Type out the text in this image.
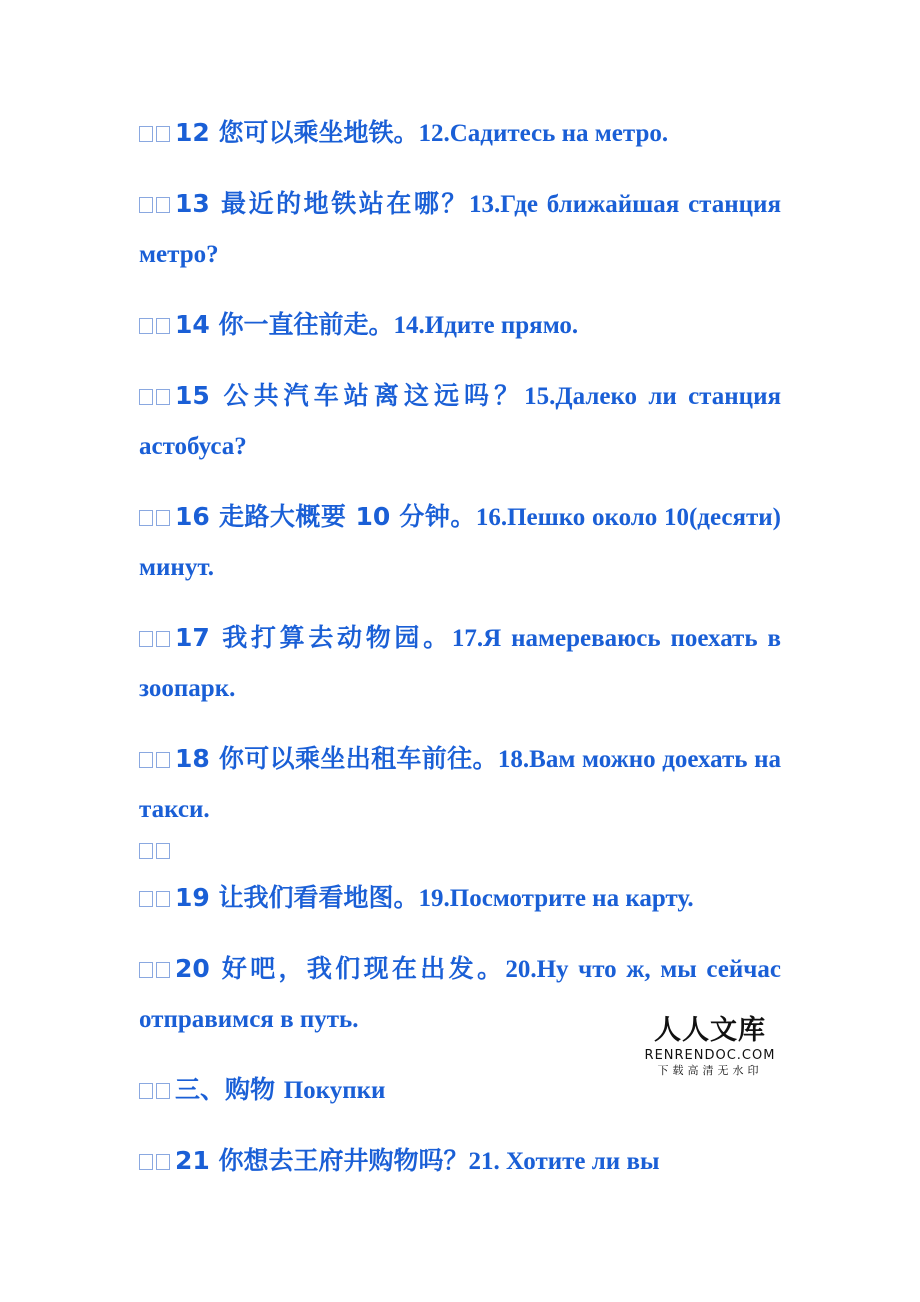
12 您可以乘坐地铁。12.Садитесь на метро.

13 最近的地铁站在哪？13.Где ближайшая станция метро?

14 你一直往前走。14.Идите прямо.

15 公共汽车站离这远吗？15.Далеко ли станция астобуса?

16 走路大概要 10 分钟。16.Пешко около 10(десяти) минут.

17 我打算去动物园。17.Я намереваюсь поехать в зоопарк.

18 你可以乘坐出租车前往。18.Вам можно доехать на такси.

19 让我们看看地图。19.Посмотрите на карту.

20 好吧，我们现在出发。20.Ну что ж, мы сейчас отправимся в путь.

三、购物 Покупки

21 你想去王府井购物吗？21. Хотите ли вы

人人文库
RENRENDOC.COM
下载高清无水印
